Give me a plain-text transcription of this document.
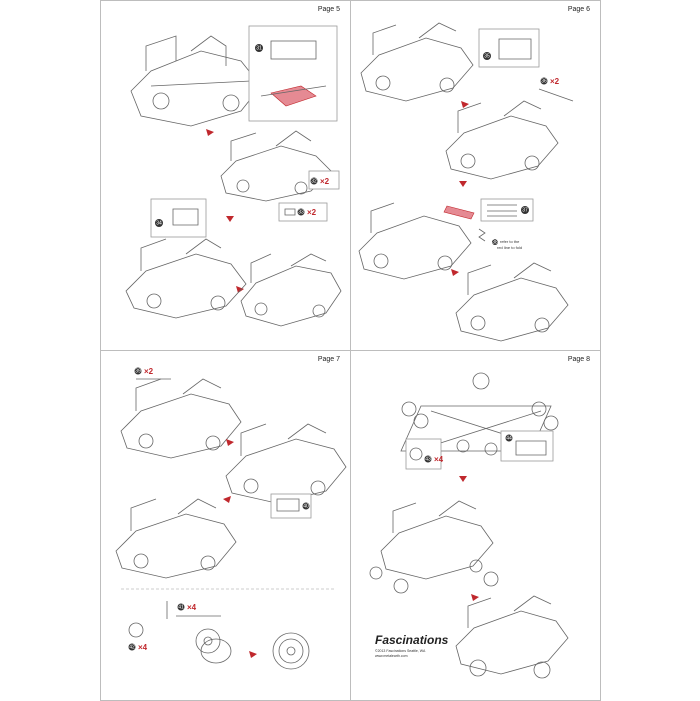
Page 5
31
32 ×2
33 ×2
34
Page 6
35
36 ×2
37
38 refer to the
red line to fold
Page 7
39 ×2
40
41 ×4
42 ×4
Page 8
43 ×4
44
Fascinations
©2013 Fascinations Seattle, WA
www.metalearth.com
